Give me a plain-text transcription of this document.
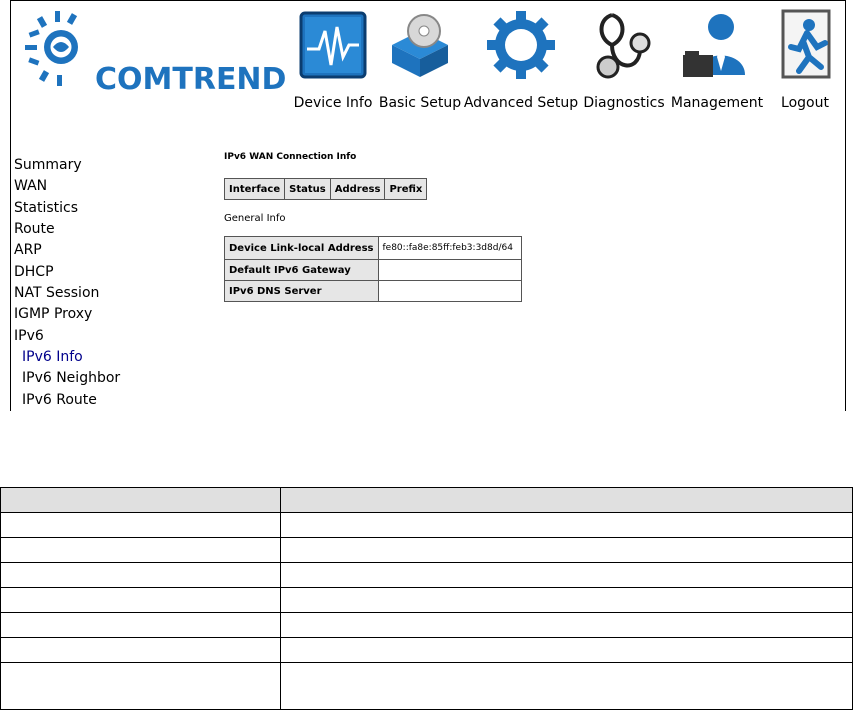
COMTREND
Device Info Basic Setup Advanced Setup Diagnostics Management	Logout
Summary
WAN
Statistics
Route
ARP
DHCP
NAT Session
IGMP Proxy
IPv6
IPv6 Info
IPv6 Neighbor
IPv6 Route
IPv6 WAN Connection Info
Interface	Status	Address	Prefix
General Info
Device Link-local Address	fe80::fa8e:85ff:feb3:3d8d/64
Default IPv6 Gateway	
IPv6 DNS Server	
